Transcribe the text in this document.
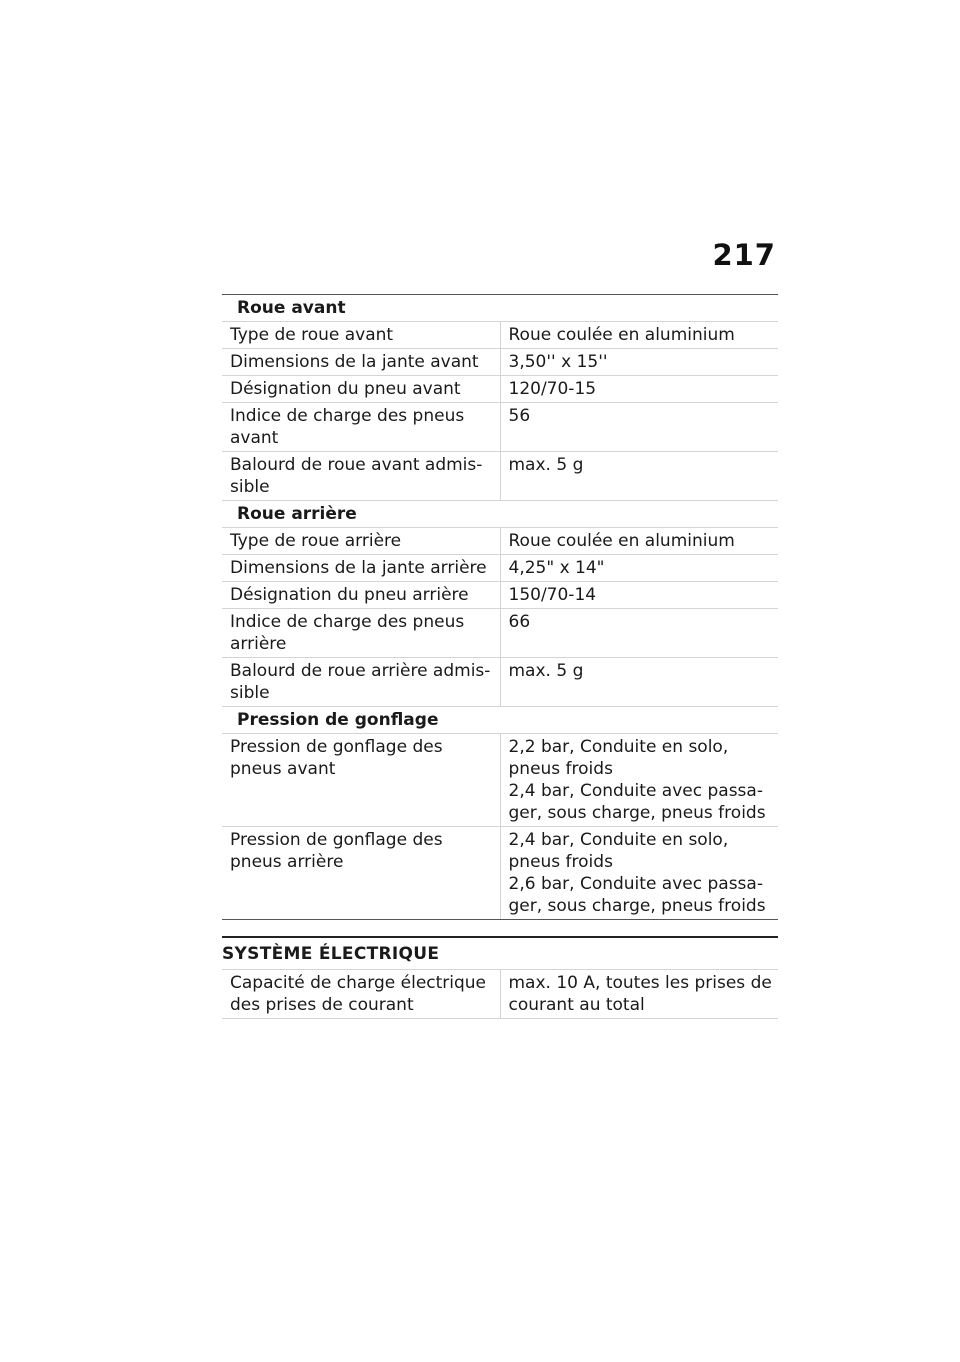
217
Roue avant	
Type de roue avant	Roue coulée en aluminium
Dimensions de la jante avant	3,50'' x 15''
Désignation du pneu avant	120/70-15
Indice de charge des pneus avant	56
Balourd de roue avant admis-sible	max. 5 g
Roue arrière	
Type de roue arrière	Roue coulée en aluminium
Dimensions de la jante arrière	4,25" x 14"
Désignation du pneu arrière	150/70-14
Indice de charge des pneus arrière	66
Balourd de roue arrière admis-sible	max. 5 g
Pression de gonflage	
Pression de gonflage des pneus avant	2,2 bar, Conduite en solo, pneus froids
2,4 bar, Conduite avec passa-ger, sous charge, pneus froids

Pression de gonflage des pneus arrière	2,4 bar, Conduite en solo, pneus froids
2,6 bar, Conduite avec passa-ger, sous charge, pneus froids
SYSTÈME ÉLECTRIQUE
Capacité de charge électrique des prises de courant	max. 10 A, toutes les prises de courant au total
